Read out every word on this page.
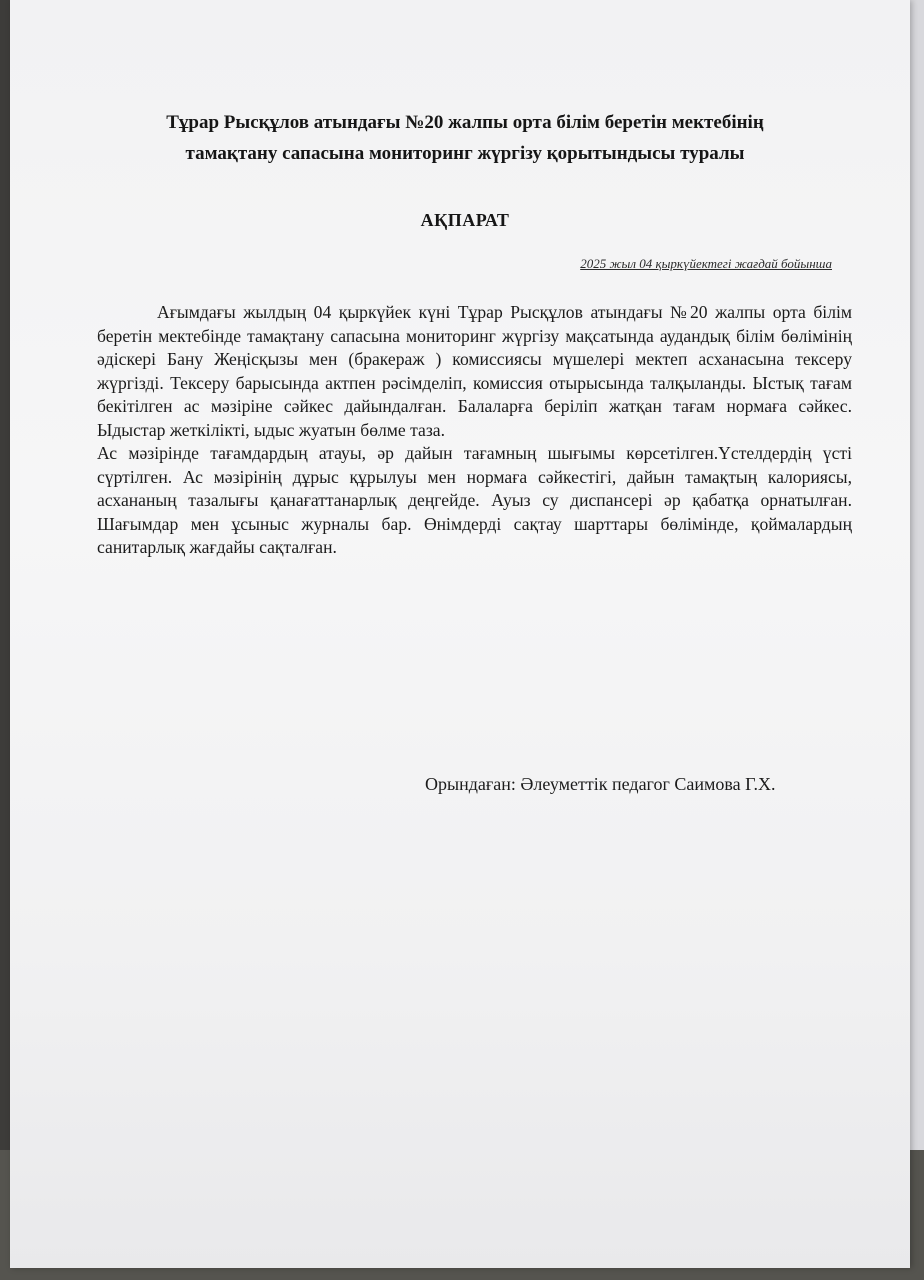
Тұрар Рысқұлов атындағы №20 жалпы орта білім беретін мектебінің
тамақтану сапасына мониторинг жүргізу қорытындысы туралы
АҚПАРАТ
2025 жыл 04 қыркүйектегі жағдай бойынша

Ағымдағы жылдың 04 қыркүйек күні Тұрар Рысқұлов атындағы №20 жалпы орта білім беретін мектебінде тамақтану сапасына мониторинг жүргізу мақсатында аудандық білім бөлімінің әдіскері Бану Жеңісқызы мен (бракераж ) комиссиясы мүшелері мектеп асханасына тексеру жүргізді. Тексеру барысында актпен рәсімделіп, комиссия отырысында талқыланды. Ыстық тағам бекітілген ас мәзіріне сәйкес дайындалған. Балаларға беріліп жатқан тағам нормаға сәйкес. Ыдыстар жеткілікті, ыдыс жуатын бөлме таза.

Ас мәзірінде тағамдардың атауы, әр дайын тағамның шығымы көрсетілген.Үстелдердің үсті сүртілген. Ас мәзірінің дұрыс құрылуы мен нормаға сәйкестігі, дайын тамақтың калориясы, асхананың тазалығы қанағаттанарлық деңгейде. Ауыз су диспансері әр қабатқа орнатылған. Шағымдар мен ұсыныс журналы бар. Өнімдерді сақтау шарттары бөлімінде, қоймалардың санитарлық жағдайы сақталған.

Орындаған: Әлеуметтік педагог Саимова Г.Х.
